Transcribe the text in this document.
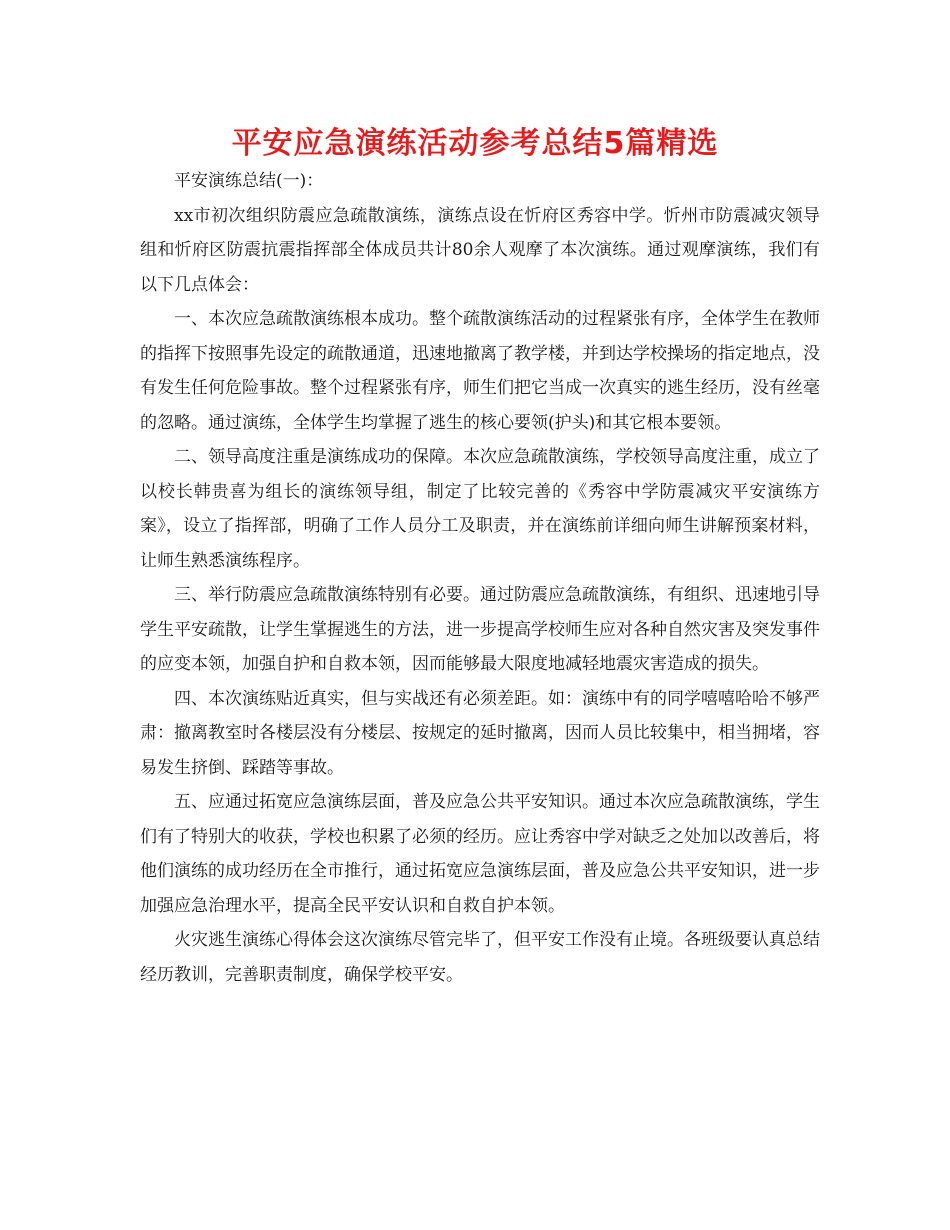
平安应急演练活动参考总结5篇精选

平安演练总结(一)：

xx市初次组织防震应急疏散演练，演练点设在忻府区秀容中学。忻州市防震减灾领导组和忻府区防震抗震指挥部全体成员共计80余人观摩了本次演练。通过观摩演练，我们有以下几点体会：

一、本次应急疏散演练根本成功。整个疏散演练活动的过程紧张有序，全体学生在教师的指挥下按照事先设定的疏散通道，迅速地撤离了教学楼，并到达学校操场的指定地点，没有发生任何危险事故。整个过程紧张有序，师生们把它当成一次真实的逃生经历，没有丝毫的忽略。通过演练，全体学生均掌握了逃生的核心要领(护头)和其它根本要领。

二、领导高度注重是演练成功的保障。本次应急疏散演练，学校领导高度注重，成立了以校长韩贵喜为组长的演练领导组，制定了比较完善的《秀容中学防震减灾平安演练方案》，设立了指挥部，明确了工作人员分工及职责，并在演练前详细向师生讲解预案材料，让师生熟悉演练程序。

三、举行防震应急疏散演练特别有必要。通过防震应急疏散演练，有组织、迅速地引导学生平安疏散，让学生掌握逃生的方法，进一步提高学校师生应对各种自然灾害及突发事件的应变本领，加强自护和自救本领，因而能够最大限度地减轻地震灾害造成的损失。

四、本次演练贴近真实，但与实战还有必须差距。如：演练中有的同学嘻嘻哈哈不够严肃：撤离教室时各楼层没有分楼层、按规定的延时撤离，因而人员比较集中，相当拥堵，容易发生挤倒、踩踏等事故。

五、应通过拓宽应急演练层面，普及应急公共平安知识。通过本次应急疏散演练，学生们有了特别大的收获，学校也积累了必须的经历。应让秀容中学对缺乏之处加以改善后，将他们演练的成功经历在全市推行，通过拓宽应急演练层面，普及应急公共平安知识，进一步加强应急治理水平，提高全民平安认识和自救自护本领。

火灾逃生演练心得体会这次演练尽管完毕了，但平安工作没有止境。各班级要认真总结经历教训，完善职责制度，确保学校平安。
